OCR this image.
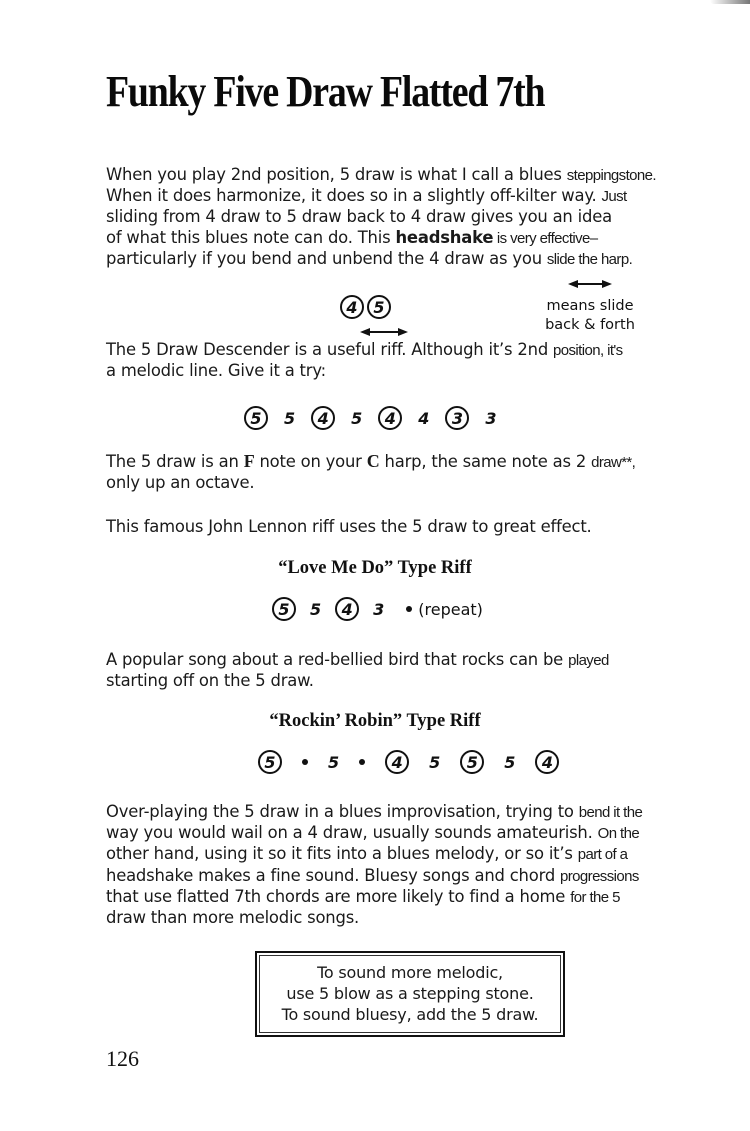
Funky Five Draw Flatted 7th
When you play 2nd position, 5 draw is what I call a blues steppingstone.
When it does harmonize, it does so in a slightly off-kilter way. Just
sliding from 4 draw to 5 draw back to 4 draw gives you an idea
of what this blues note can do. This headshake is very effective–
particularly if you bend and unbend the 4 draw as you slide the harp.
4 5	means slide
back & forth
The 5 Draw Descender is a useful riff. Although it’s 2nd position, it's
a melodic line. Give it a try:
5	5	4	5	4	4	3	3
The 5 draw is an F note on your C harp, the same note as 2 draw**,
only up an octave.
This famous John Lennon riff uses the 5 draw to great effect.
“Love Me Do” Type Riff
5	5	4	3 (repeat)
A popular song about a red-bellied bird that rocks can be played
starting off on the 5 draw.
“Rockin’ Robin” Type Riff
5	5	4	5	5	5	4
Over-playing the 5 draw in a blues improvisation, trying to bend it the
way you would wail on a 4 draw, usually sounds amateurish. On the
other hand, using it so it fits into a blues melody, or so it’s part of a
headshake makes a fine sound. Bluesy songs and chord progressions
that use flatted 7th chords are more likely to find a home for the 5
draw than more melodic songs.
To sound more melodic,
use 5 blow as a stepping stone.
To sound bluesy, add the 5 draw.
126
